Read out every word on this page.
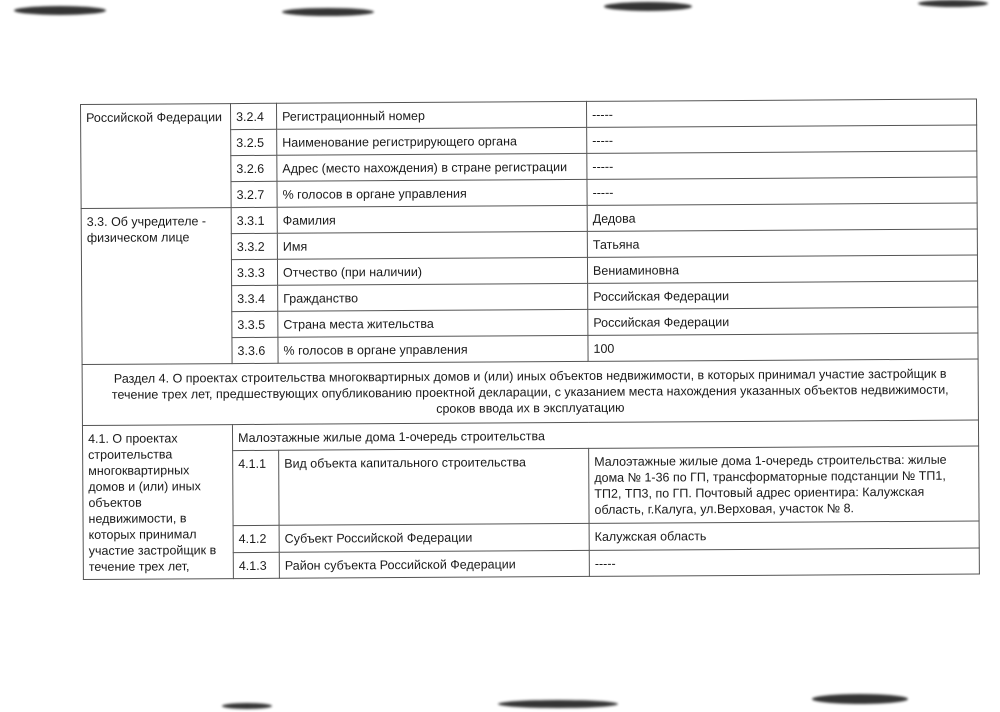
Российской Федерации	3.2.4	Регистрационный номер	-----
	3.2.5	Наименование регистрирующего органа	-----
	3.2.6	Адрес (место нахождения) в стране регистрации	-----
	3.2.7	% голосов в органе управления	-----
3.3. Об учредителе - физическом лице	3.3.1	Фамилия	Дедова
	3.3.2	Имя	Татьяна
	3.3.3	Отчество (при наличии)	Вениаминовна
	3.3.4	Гражданство	Российская Федерации
	3.3.5	Страна места жительства	Российская Федерации
	3.3.6	% голосов в органе управления	100
Раздел 4. О проектах строительства многоквартирных домов и (или) иных объектов недвижимости, в которых принимал участие застройщик в течение трех лет, предшествующих опубликованию проектной декларации, с указанием места нахождения указанных объектов недвижимости, сроков ввода их в эксплуатацию			
4.1. О проектах строительства многоквартирных домов и (или) иных объектов недвижимости, в которых принимал участие застройщик в течение трех лет,	Малоэтажные жилые дома 1-очередь строительства		
	4.1.1	Вид объекта капитального строительства	Малоэтажные жилые дома 1-очередь строительства: жилые дома № 1-36 по ГП, трансформаторные подстанции № ТП1, ТП2, ТП3, по ГП. Почтовый адрес ориентира: Калужская область, г.Калуга, ул.Верховая, участок № 8.
	4.1.2	Субъект Российской Федерации	Калужская область
	4.1.3	Район субъекта Российской Федерации	-----
